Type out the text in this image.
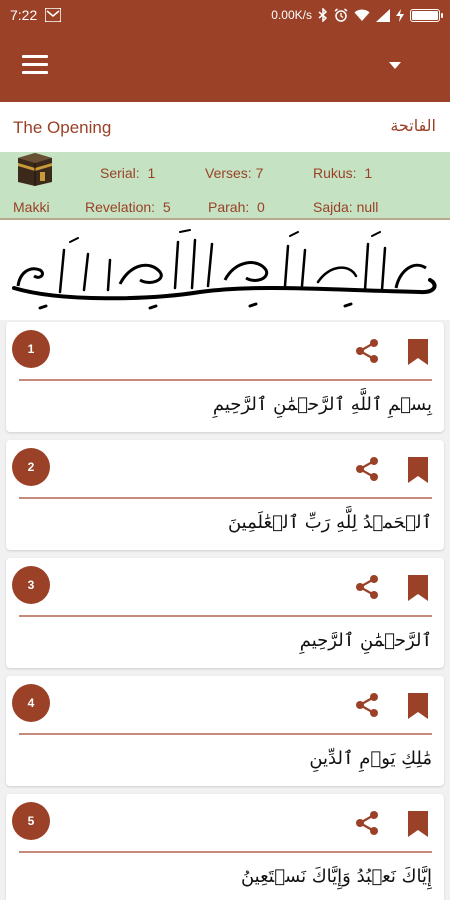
7:22	0.00K/s
The Opening	الفاتحة
Serial: 1	Verses: 7	Rukus: 1
Makki	Revelation: 5	Parah: 0	Sajda: null
1
بِسۡمِ ٱللَّهِ ٱلرَّحۡمَٰنِ ٱلرَّحِيمِ
2
ٱلۡحَمۡدُ لِلَّهِ رَبِّ ٱلۡعَٰلَمِينَ
3
ٱلرَّحۡمَٰنِ ٱلرَّحِيمِ
4
مَٰلِكِ يَوۡمِ ٱلدِّينِ
5
إِيَّاكَ نَعۡبُدُ وَإِيَّاكَ نَسۡتَعِينُ
